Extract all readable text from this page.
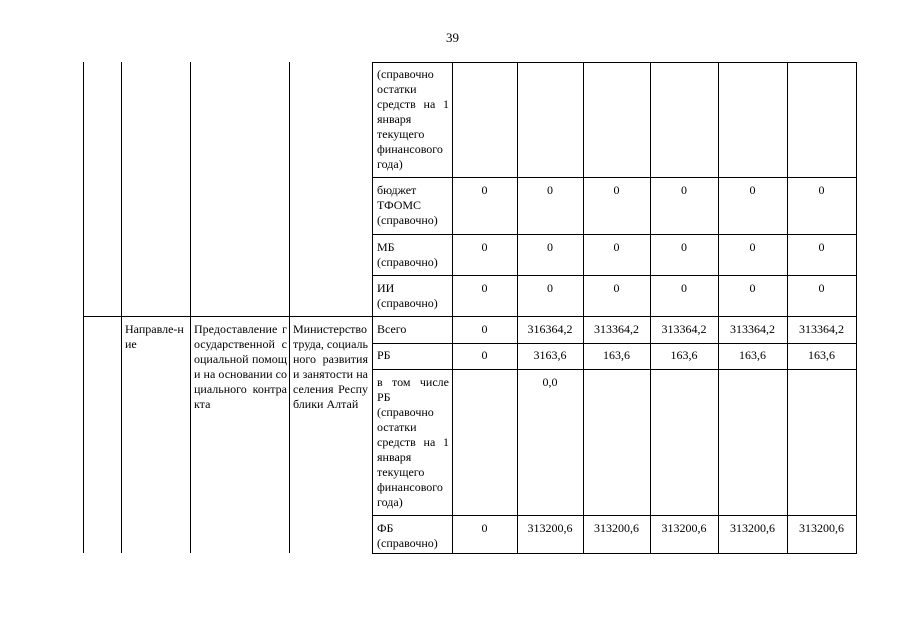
39
Направле-ние
Предоставление государственной социальной помощи на основании социального контракта
Министерство труда, социального развития и занятости населения Республики Алтай
(справочно остатки средств на 1 января текущего финансового года)
бюджет ТФОМС (справочно)
МБ (справочно)
ИИ (справочно)
Всего
РБ
в том числе РБ (справочно остатки средств на 1 января текущего финансового года)
ФБ (справочно)
0
0
0
0
0
0
0
0
0
316364,2
3163,6
0,0
313200,6
0
0
0
313364,2
163,6
313200,6
0
0
0
313364,2
163,6
313200,6
0
0
0
313364,2
163,6
313200,6
0
0
0
313364,2
163,6
313200,6
